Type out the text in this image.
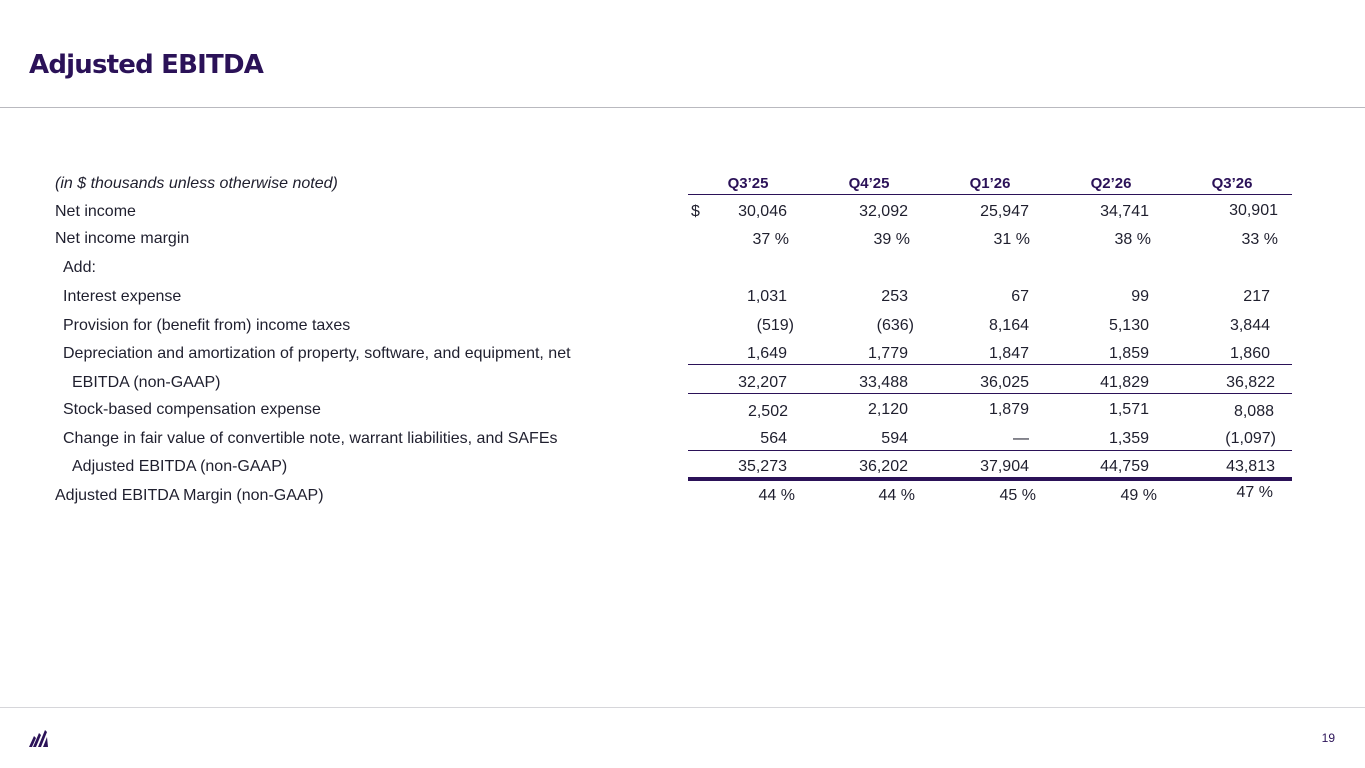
Adjusted EBITDA
(in $ thousands unless otherwise noted)	Q3’25	Q4’25	Q1’26	Q2’26	Q3’26
Net income	$	30,046	32,092	25,947	34,741	30,901
Net income margin	37 %	39 %	31 %	38 %	33 %
Add:
Interest expense	1,031	253	67	99	217
Provision for (benefit from) income taxes	(519)	(636)	8,164	5,130	3,844
Depreciation and amortization of property, software, and equipment, net	1,649	1,779	1,847	1,859	1,860
EBITDA (non-GAAP)	32,207	33,488	36,025	41,829	36,822
Stock-based compensation expense	2,502	2,120	1,879	1,571	8,088
Change in fair value of convertible note, warrant liabilities, and SAFEs	564	594	—	1,359	(1,097)
Adjusted EBITDA (non-GAAP)	35,273	36,202	37,904	44,759	43,813
Adjusted EBITDA Margin (non-GAAP)	44 %	44 %	45 %	49 %	47 %
19
